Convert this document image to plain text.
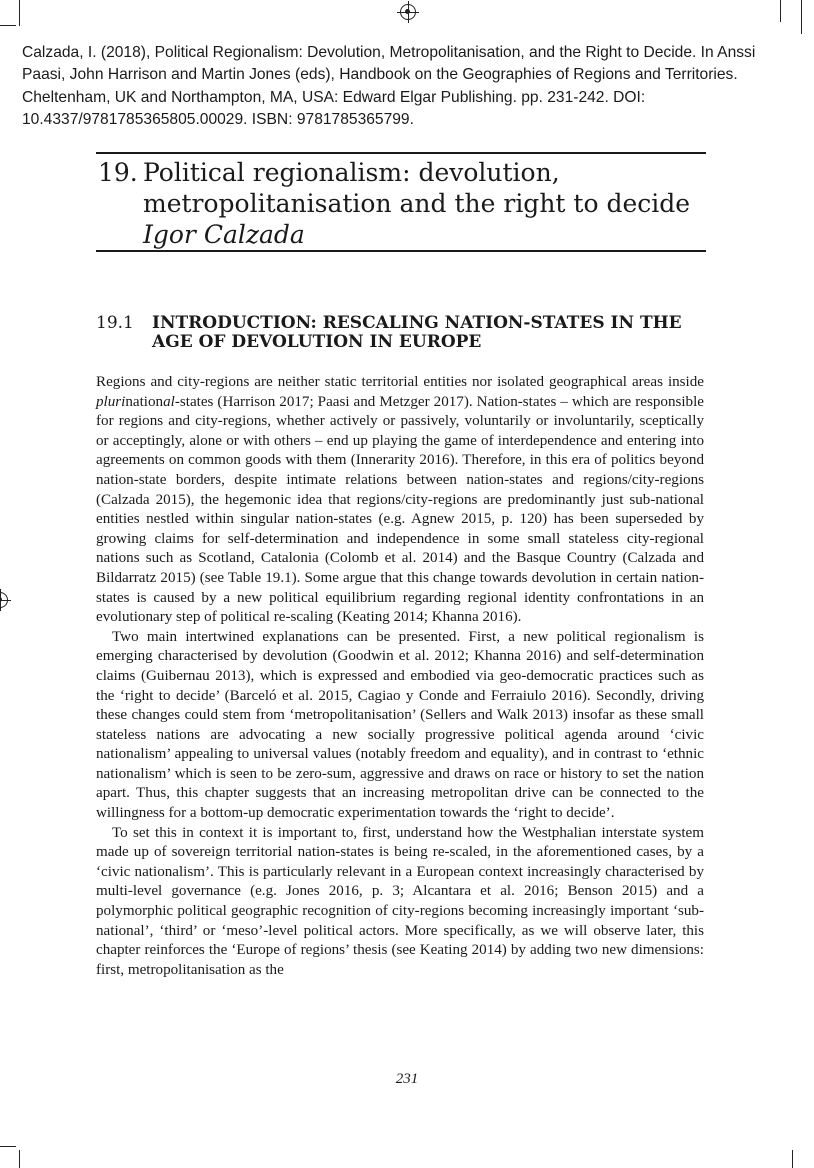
Calzada, I. (2018), Political Regionalism: Devolution, Metropolitanisation, and the Right to Decide. In Anssi Paasi, John Harrison and Martin Jones (eds), Handbook on the Geographies of Regions and Territories. Cheltenham, UK and Northampton, MA, USA: Edward Elgar Publishing. pp. 231-242. DOI: 10.4337/9781785365805.00029. ISBN: 9781785365799.
19. Political regionalism: devolution,
metropolitanisation and the right to decide
Igor Calzada
19.1 INTRODUCTION: RESCALING NATION-STATES IN THE
AGE OF DEVOLUTION IN EUROPE

Regions and city-regions are neither static territorial entities nor isolated geographical areas inside plurinational-states (Harrison 2017; Paasi and Metzger 2017). Nation-states – which are responsible for regions and city-regions, whether actively or passively, voluntarily or involuntarily, sceptically or acceptingly, alone or with others – end up playing the game of interdependence and entering into agreements on common goods with them (Innerarity 2016). Therefore, in this era of politics beyond nation-state borders, despite intimate relations between nation-states and regions/city-regions (Calzada 2015), the hegemonic idea that regions/city-regions are predominantly just sub-national entities nestled within singular nation-states (e.g. Agnew 2015, p. 120) has been superseded by growing claims for self-determination and independence in some small stateless city-regional nations such as Scotland, Catalonia (Colomb et al. 2014) and the Basque Country (Calzada and Bildarratz 2015) (see Table 19.1). Some argue that this change towards devolution in certain nation-states is caused by a new political equilibrium regarding regional identity confrontations in an evolutionary step of political re-scaling (Keating 2014; Khanna 2016).

Two main intertwined explanations can be presented. First, a new political regionalism is emerging characterised by devolution (Goodwin et al. 2012; Khanna 2016) and self-determination claims (Guibernau 2013), which is expressed and embodied via geo-democratic practices such as the ‘right to decide’ (Barceló et al. 2015, Cagiao y Conde and Ferraiulo 2016). Secondly, driving these changes could stem from ‘metropolitanisation’ (Sellers and Walk 2013) insofar as these small stateless nations are advocating a new socially progressive political agenda around ‘civic nationalism’ appealing to universal values (notably freedom and equality), and in contrast to ‘ethnic nationalism’ which is seen to be zero-sum, aggressive and draws on race or history to set the nation apart. Thus, this chapter suggests that an increasing metropolitan drive can be connected to the willingness for a bottom-up democratic experimentation towards the ‘right to decide’.

To set this in context it is important to, first, understand how the Westphalian interstate system made up of sovereign territorial nation-states is being re-scaled, in the aforementioned cases, by a ‘civic nationalism’. This is particularly relevant in a European context increasingly characterised by multi-level governance (e.g. Jones 2016, p. 3; Alcantara et al. 2016; Benson 2015) and a polymorphic political geographic recognition of city-regions becoming increasingly important ‘sub-national’, ‘third’ or ‘meso’-level political actors. More specifically, as we will observe later, this chapter reinforces the ‘Europe of regions’ thesis (see Keating 2014) by adding two new dimensions: first, metropolitanisation as the

231
